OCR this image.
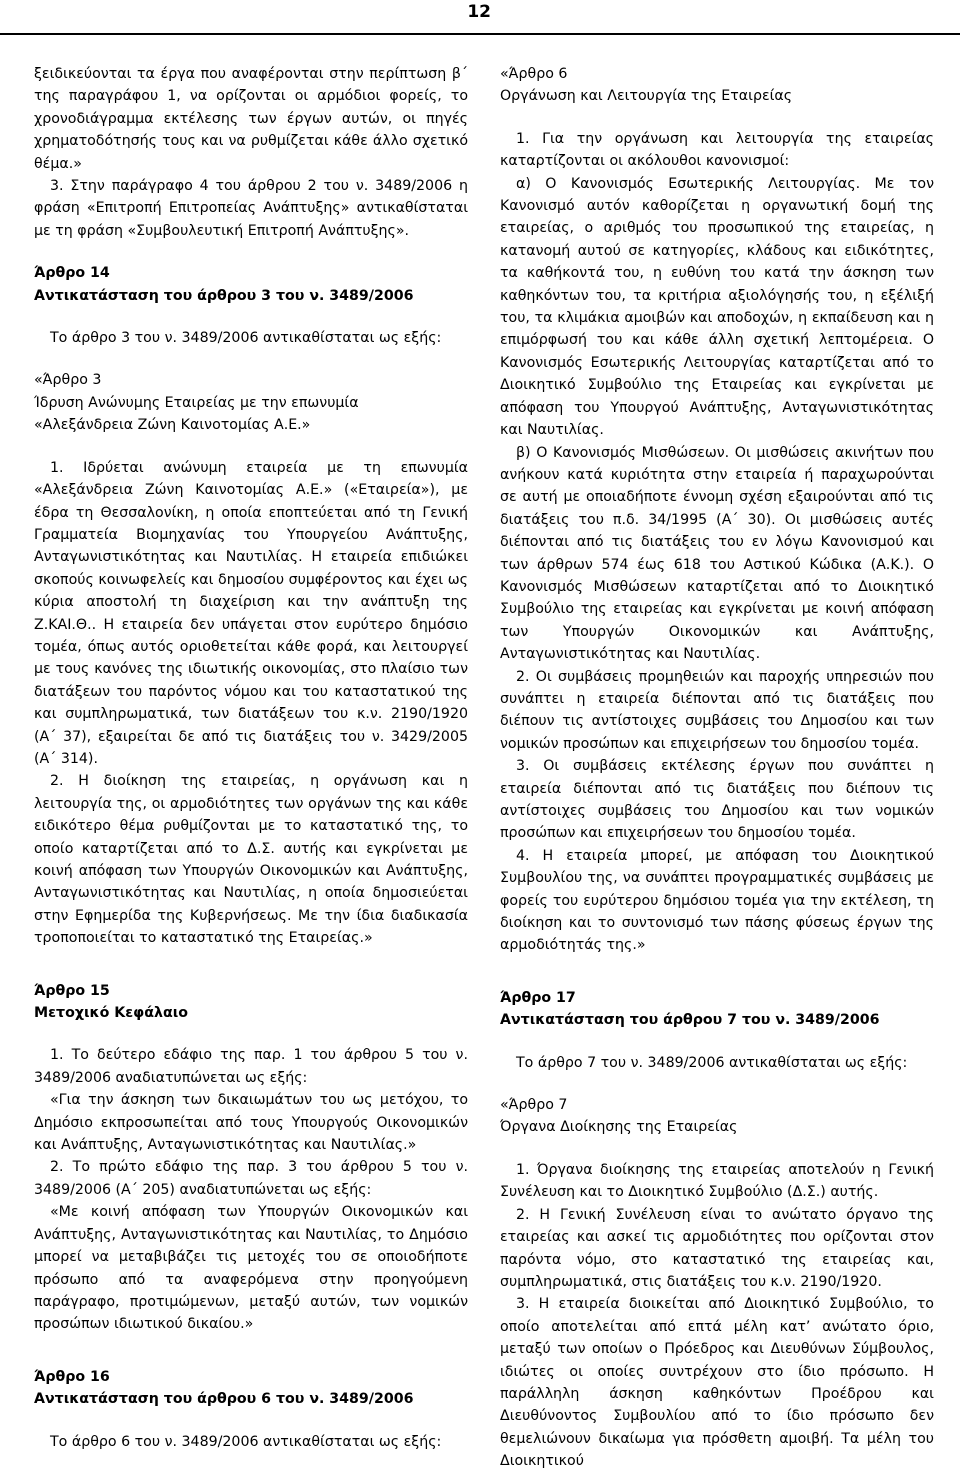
12

ξειδικεύονται τα έργα που αναφέρονται στην περίπτωση β΄ της παραγράφου 1, να ορίζονται οι αρμόδιοι φορείς, το χρονοδιάγραμμα εκτέλεσης των έργων αυτών, οι πηγές χρηματοδότησής τους και να ρυθμίζεται κάθε άλλο σχετικό θέμα.»

3. Στην παράγραφο 4 του άρθρου 2 του ν. 3489/2006 η φράση «Επιτροπή Επιτροπείας Ανάπτυξης» αντικαθίσταται με τη φράση «Συμβουλευτική Επιτροπή Ανάπτυξης».

Άρθρο 14

Αντικατάσταση του άρθρου 3 του ν. 3489/2006

Το άρθρο 3 του ν. 3489/2006 αντικαθίσταται ως εξής:

«Άρθρο 3

Ίδρυση Ανώνυμης Εταιρείας με την επωνυμία

«Αλεξάνδρεια Ζώνη Καινοτομίας Α.Ε.»

1. Ιδρύεται ανώνυμη εταιρεία με τη επωνυμία «Αλεξάνδρεια Ζώνη Καινοτομίας Α.Ε.» («Εταιρεία»), με έδρα τη Θεσσαλονίκη, η οποία εποπτεύεται από τη Γενική Γραμματεία Βιομηχανίας του Υπουργείου Ανάπτυξης, Ανταγωνιστικότητας και Ναυτιλίας. Η εταιρεία επιδιώκει σκοπούς κοινωφελείς και δημοσίου συμφέροντος και έχει ως κύρια αποστολή τη διαχείριση και την ανάπτυξη της Ζ.ΚΑΙ.Θ.. Η εταιρεία δεν υπάγεται στον ευρύτερο δημόσιο τομέα, όπως αυτός οριοθετείται κάθε φορά, και λειτουργεί με τους κανόνες της ιδιωτικής οικονομίας, στο πλαίσιο των διατάξεων του παρόντος νόμου και του καταστατικού της και συμπληρωματικά, των διατάξεων του κ.ν. 2190/1920 (Α΄ 37), εξαιρείται δε από τις διατάξεις του ν. 3429/2005 (Α΄ 314).

2. Η διοίκηση της εταιρείας, η οργάνωση και η λειτουργία της, οι αρμοδιότητες των οργάνων της και κάθε ειδικότερο θέμα ρυθμίζονται με το καταστατικό της, το οποίο καταρτίζεται από το Δ.Σ. αυτής και εγκρίνεται με κοινή απόφαση των Υπουργών Οικονομικών και Ανάπτυξης, Ανταγωνιστικότητας και Ναυτιλίας, η οποία δημοσιεύεται στην Εφημερίδα της Κυβερνήσεως. Με την ίδια διαδικασία τροποποιείται το καταστατικό της Εταιρείας.»

Άρθρο 15

Μετοχικό Κεφάλαιο

1. Το δεύτερο εδάφιο της παρ. 1 του άρθρου 5 του ν. 3489/2006 αναδιατυπώνεται ως εξής:

«Για την άσκηση των δικαιωμάτων του ως μετόχου, το Δημόσιο εκπροσωπείται από τους Υπουργούς Οικονομικών και Ανάπτυξης, Ανταγωνιστικότητας και Ναυτιλίας.»

2. Το πρώτο εδάφιο της παρ. 3 του άρθρου 5 του ν. 3489/2006 (Α΄ 205) αναδιατυπώνεται ως εξής:

«Με κοινή απόφαση των Υπουργών Οικονομικών και Ανάπτυξης, Ανταγωνιστικότητας και Ναυτιλίας, το Δημόσιο μπορεί να μεταβιβάζει τις μετοχές του σε οποιοδήποτε πρόσωπο από τα αναφερόμενα στην προηγούμενη παράγραφο, προτιμώμενων, μεταξύ αυτών, των νομικών προσώπων ιδιωτικού δικαίου.»

Άρθρο 16

Αντικατάσταση του άρθρου 6 του ν. 3489/2006

Το άρθρο 6 του ν. 3489/2006 αντικαθίσταται ως εξής:

«Άρθρο 6

Οργάνωση και Λειτουργία της Εταιρείας

1. Για την οργάνωση και λειτουργία της εταιρείας καταρτίζονται οι ακόλουθοι κανονισμοί:

α) Ο Κανονισμός Εσωτερικής Λειτουργίας. Με τον Κανονισμό αυτόν καθορίζεται η οργανωτική δομή της εταιρείας, ο αριθμός του προσωπικού της εταιρείας, η κατανομή αυτού σε κατηγορίες, κλάδους και ειδικότητες, τα καθήκοντά του, η ευθύνη του κατά την άσκηση των καθηκόντων του, τα κριτήρια αξιολόγησής του, η εξέλιξή του, τα κλιμάκια αμοιβών και αποδοχών, η εκπαίδευση και η επιμόρφωσή του και κάθε άλλη σχετική λεπτομέρεια. Ο Κανονισμός Εσωτερικής Λειτουργίας καταρτίζεται από το Διοικητικό Συμβούλιο της Εταιρείας και εγκρίνεται με απόφαση του Υπουργού Ανάπτυξης, Ανταγωνιστικότητας και Ναυτιλίας.

β) Ο Κανονισμός Μισθώσεων. Οι μισθώσεις ακινήτων που ανήκουν κατά κυριότητα στην εταιρεία ή παραχωρούνται σε αυτή με οποιαδήποτε έννομη σχέση εξαιρούνται από τις διατάξεις του π.δ. 34/1995 (Α΄ 30). Οι μισθώσεις αυτές διέπονται από τις διατάξεις του εν λόγω Κανονισμού και των άρθρων 574 έως 618 του Αστικού Κώδικα (Α.Κ.). Ο Κανονισμός Μισθώσεων καταρτίζεται από το Διοικητικό Συμβούλιο της εταιρείας και εγκρίνεται με κοινή απόφαση των Υπουργών Οικονομικών και Ανάπτυξης, Ανταγωνιστικότητας και Ναυτιλίας.

2. Οι συμβάσεις προμηθειών και παροχής υπηρεσιών που συνάπτει η εταιρεία διέπονται από τις διατάξεις που διέπουν τις αντίστοιχες συμβάσεις του Δημοσίου και των νομικών προσώπων και επιχειρήσεων του δημοσίου τομέα.

3. Οι συμβάσεις εκτέλεσης έργων που συνάπτει η εταιρεία διέπονται από τις διατάξεις που διέπουν τις αντίστοιχες συμβάσεις του Δημοσίου και των νομικών προσώπων και επιχειρήσεων του δημοσίου τομέα.

4. Η εταιρεία μπορεί, με απόφαση του Διοικητικού Συμβουλίου της, να συνάπτει προγραμματικές συμβάσεις με φορείς του ευρύτερου δημόσιου τομέα για την εκτέλεση, τη διοίκηση και το συντονισμό των πάσης φύσεως έργων της αρμοδιότητάς της.»

Άρθρο 17

Αντικατάσταση του άρθρου 7 του ν. 3489/2006

Το άρθρο 7 του ν. 3489/2006 αντικαθίσταται ως εξής:

«Άρθρο 7

Όργανα Διοίκησης της Εταιρείας

1. Όργανα διοίκησης της εταιρείας αποτελούν η Γενική Συνέλευση και το Διοικητικό Συμβούλιο (Δ.Σ.) αυτής.

2. Η Γενική Συνέλευση είναι το ανώτατο όργανο της εταιρείας και ασκεί τις αρμοδιότητες που ορίζονται στον παρόντα νόμο, στο καταστατικό της εταιρείας και, συμπληρωματικά, στις διατάξεις του κ.ν. 2190/1920.

3. Η εταιρεία διοικείται από Διοικητικό Συμβούλιο, το οποίο αποτελείται από επτά μέλη κατ’ ανώτατο όριο, μεταξύ των οποίων ο Πρόεδρος και Διευθύνων Σύμβουλος, ιδιώτες οι οποίες συντρέχουν στο ίδιο πρόσωπο. Η παράλληλη άσκηση καθηκόντων Προέδρου και Διευθύνοντος Συμβουλίου από το ίδιο πρόσωπο δεν θεμελιώνουν δικαίωμα για πρόσθετη αμοιβή. Τα μέλη του Διοικητικού
